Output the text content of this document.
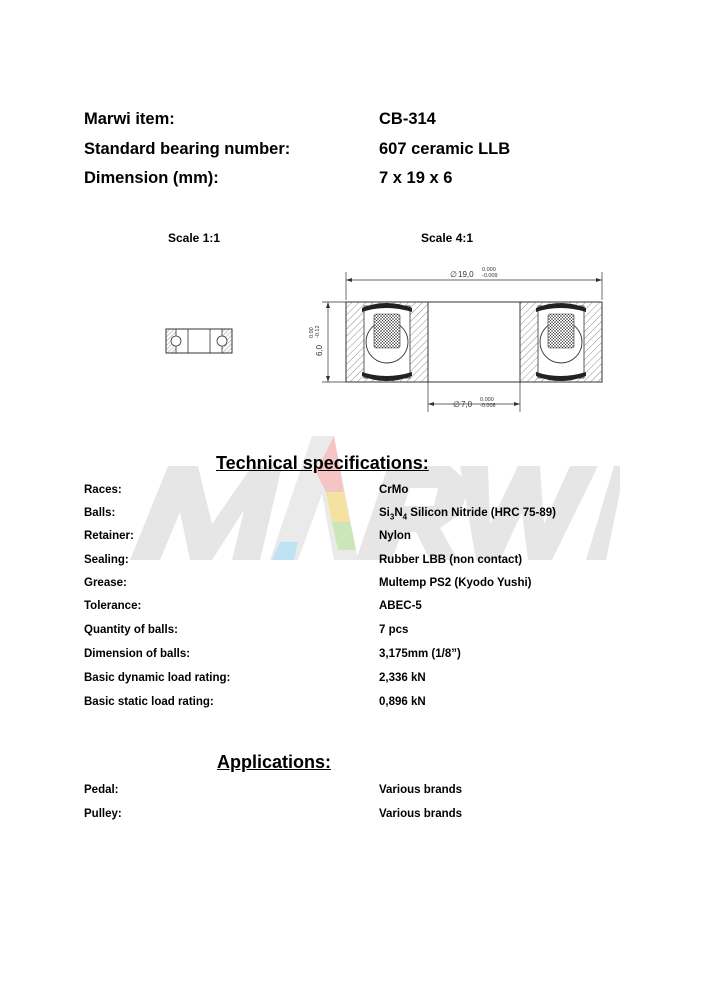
Marwi item:	CB-314
Standard bearing number:	607 ceramic LLB
Dimension (mm):	7 x 19 x 6
Scale 1:1	Scale 4:1
∅ 19,0 0.000
-0.009
6,0
0.00 -0.12
∅ 7,0 0.000
-0.008
Technical specifications:
Races:	CrMo
Balls:	$Si_3N_4$ Silicon Nitride (HRC 75-89)
Retainer:	Nylon
Sealing:	Rubber LBB (non contact)
Grease:	Multemp PS2 (Kyodo Yushi)
Tolerance:	ABEC-5
Quantity of balls:	7 pcs
Dimension of balls:	3,175mm (1/8”)
Basic dynamic load rating:	2,336 kN
Basic static load rating:	0,896 kN
Applications:
Pedal:	Various brands
Pulley:	Various brands
